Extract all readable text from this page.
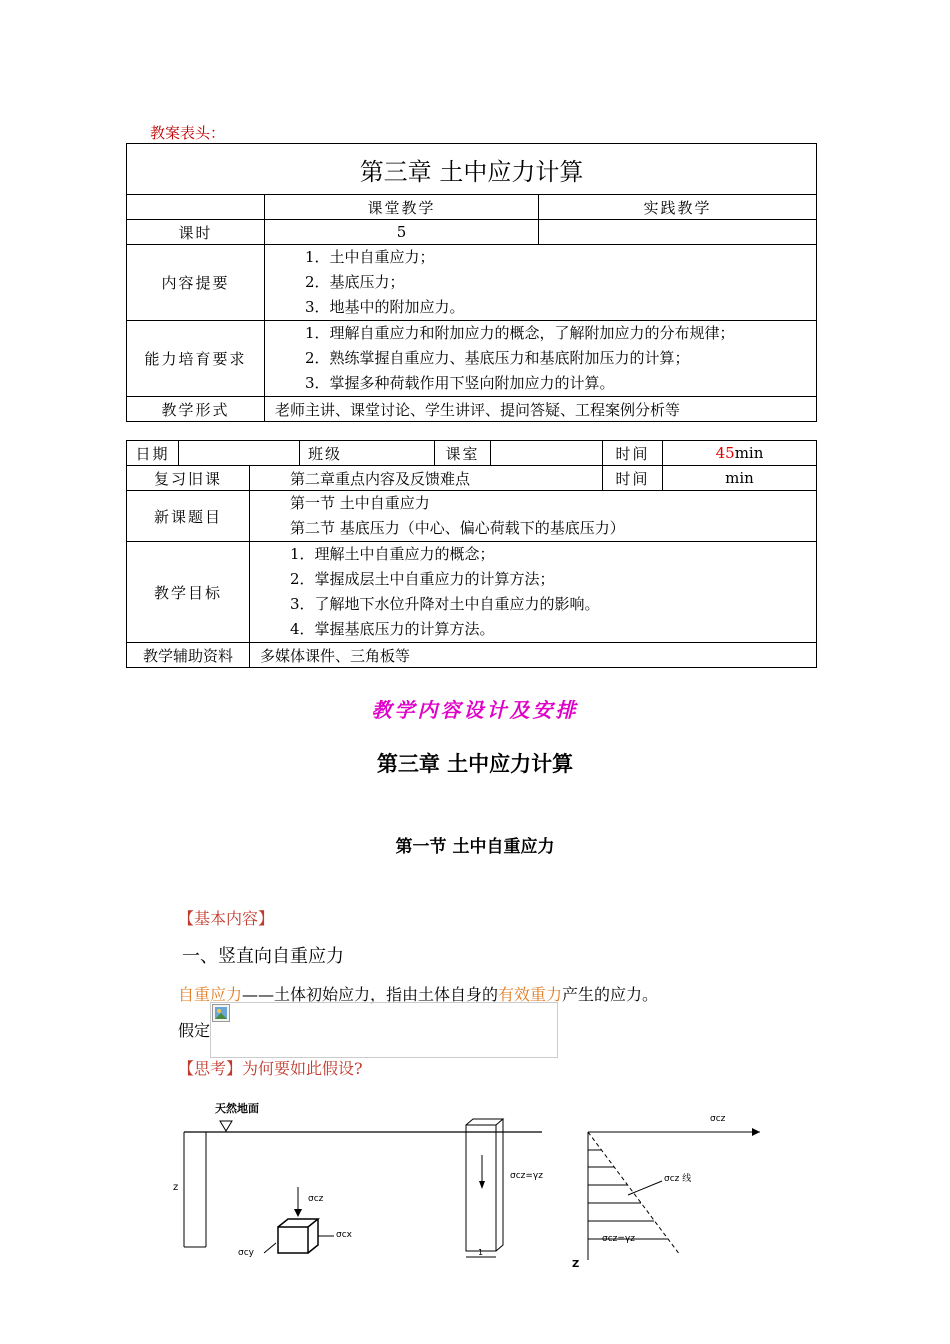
教案表头：
第三章 土中应力计算		
	课堂教学	实践教学
课时	5	
内容提要	1．土中自重应力；
2．基底压力；
3．地基中的附加应力。	

能力培育要求	1．理解自重应力和附加应力的概念，了解附加应力的分布规律；
2．熟练掌握自重应力、基底压力和基底附加压力的计算；
3．掌握多种荷载作用下竖向附加应力的计算。	

教学形式	老师主讲、课堂讨论、学生讲评、提问答疑、工程案例分析等	
日期			班级	课室		时间	45min
复习旧课		第二章重点内容及反馈难点				时间	min
新课题目		第一节 土中自重应力
第二节 基底压力（中心、偏心荷载下的基底压力）					

教学目标		1．理解土中自重应力的概念；
2．掌握成层土中自重应力的计算方法；
3．了解地下水位升降对土中自重应力的影响。
4．掌握基底压力的计算方法。					

教学辅助资料		多媒体课件、三角板等					
教学内容设计及安排
第三章 土中应力计算
第一节 土中自重应力
【基本内容】
一、竖直向自重应力
自重应力——土体初始应力，指由土体自身的有效重力产生的应力。
假定
【思考】为何要如此假设?
天然地面
z
σcz
σcx
σcy
σcz=γz
1
σcz
Z
σcz 线
σcz=γz
